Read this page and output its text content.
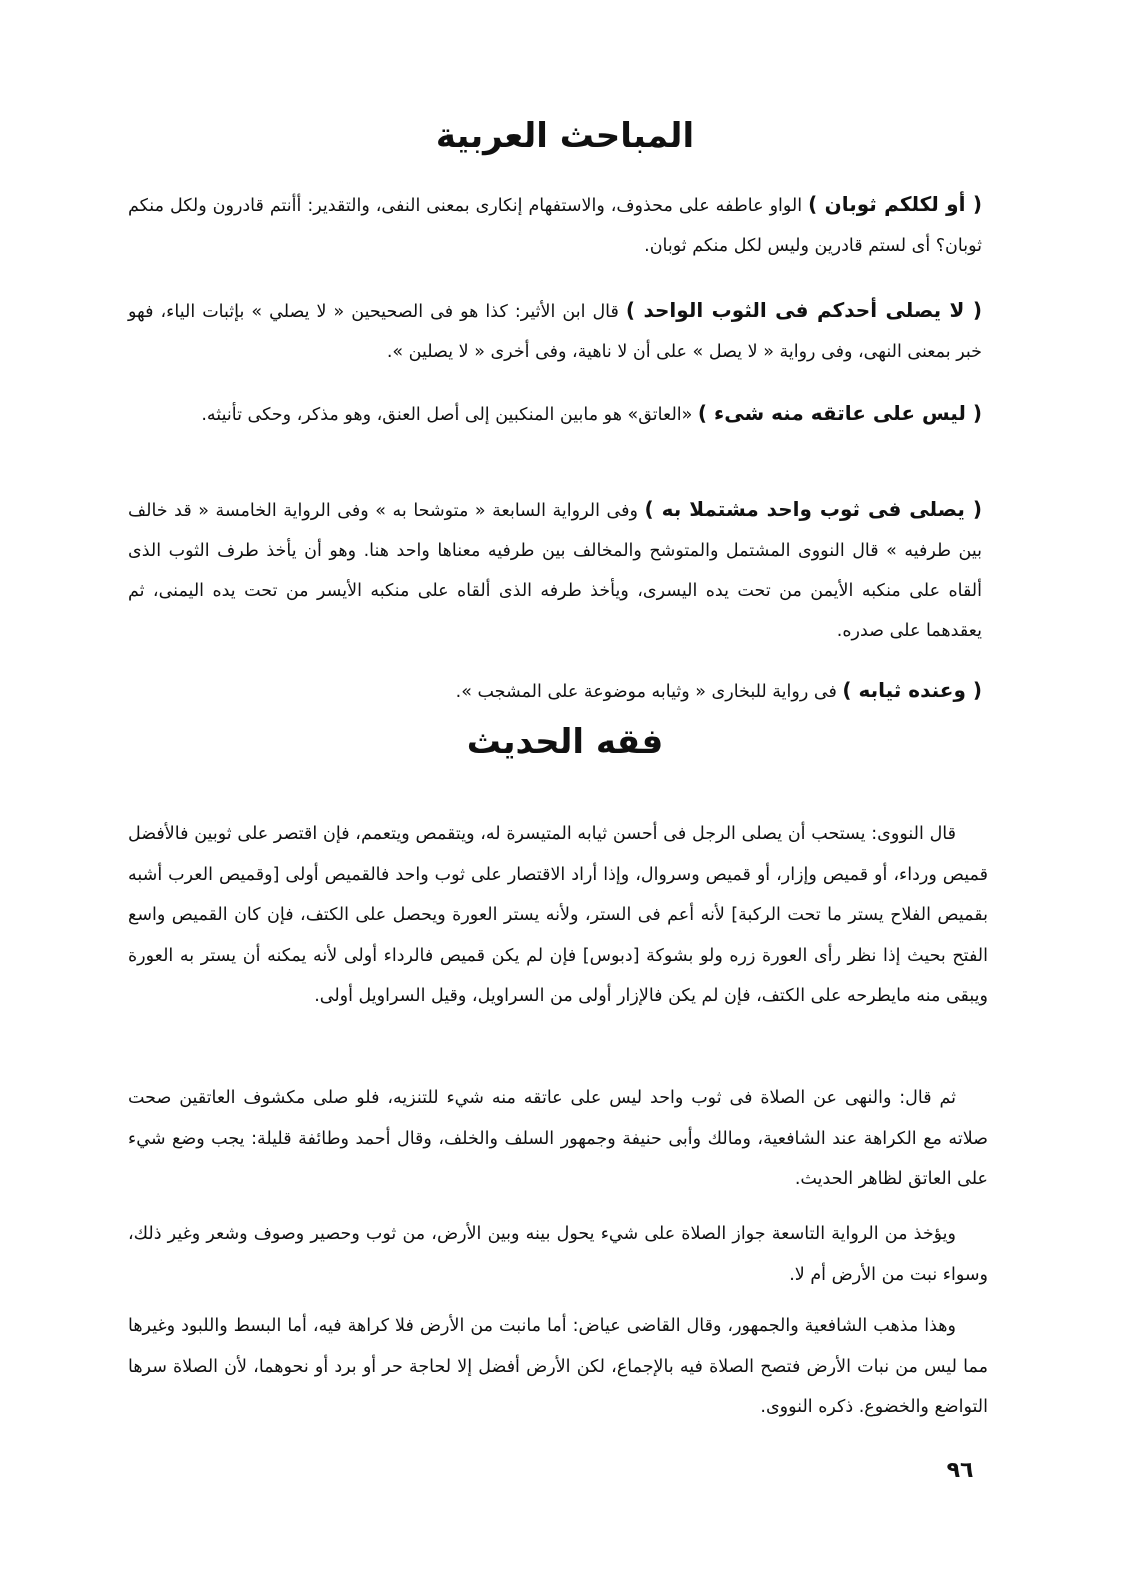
المباحث العربية

( أو لكلكم ثوبان ) الواو عاطفه على محذوف، والاستفهام إنكارى بمعنى النفى، والتقدير: أأنتم قادرون ولكل منكم ثوبان؟ أى لستم قادرين وليس لكل منكم ثوبان.

( لا يصلى أحدكم فى الثوب الواحد ) قال ابن الأثير: كذا هو فى الصحيحين « لا يصلي » بإثبات الياء، فهو خبر بمعنى النهى، وفى رواية « لا يصل » على أن لا ناهية، وفى أخرى « لا يصلين ».

( ليس على عاتقه منه شىء ) «العاتق» هو مابين المنكبين إلى أصل العنق، وهو مذكر، وحكى تأنيثه.

( يصلى فى ثوب واحد مشتملا به ) وفى الرواية السابعة « متوشحا به » وفى الرواية الخامسة « قد خالف بين طرفيه » قال النووى المشتمل والمتوشح والمخالف بين طرفيه معناها واحد هنا. وهو أن يأخذ طرف الثوب الذى ألقاه على منكبه الأيمن من تحت يده اليسرى، ويأخذ طرفه الذى ألقاه على منكبه الأيسر من تحت يده اليمنى، ثم يعقدهما على صدره.

( وعنده ثيابه ) فى رواية للبخارى « وثيابه موضوعة على المشجب ».

فقه الحديث

قال النووى: يستحب أن يصلى الرجل فى أحسن ثيابه المتيسرة له، ويتقمص ويتعمم، فإن اقتصر على ثوبين فالأفضل قميص ورداء، أو قميص وإزار، أو قميص وسروال، وإذا أراد الاقتصار على ثوب واحد فالقميص أولى [وقميص العرب أشبه بقميص الفلاح يستر ما تحت الركبة] لأنه أعم فى الستر، ولأنه يستر العورة ويحصل على الكتف، فإن كان القميص واسع الفتح بحيث إذا نظر رأى العورة زره ولو بشوكة [دبوس] فإن لم يكن قميص فالرداء أولى لأنه يمكنه أن يستر به العورة ويبقى منه مايطرحه على الكتف، فإن لم يكن فالإزار أولى من السراويل، وقيل السراويل أولى.

ثم قال: والنهى عن الصلاة فى ثوب واحد ليس على عاتقه منه شيء للتنزيه، فلو صلى مكشوف العاتقين صحت صلاته مع الكراهة عند الشافعية، ومالك وأبى حنيفة وجمهور السلف والخلف، وقال أحمد وطائفة قليلة: يجب وضع شيء على العاتق لظاهر الحديث.

ويؤخذ من الرواية التاسعة جواز الصلاة على شيء يحول بينه وبين الأرض، من ثوب وحصير وصوف وشعر وغير ذلك، وسواء نبت من الأرض أم لا.

وهذا مذهب الشافعية والجمهور، وقال القاضى عياض: أما مانبت من الأرض فلا كراهة فيه، أما البسط واللبود وغيرها مما ليس من نبات الأرض فتصح الصلاة فيه بالإجماع، لكن الأرض أفضل إلا لحاجة حر أو برد أو نحوهما، لأن الصلاة سرها التواضع والخضوع. ذكره النووى.

٩٦
